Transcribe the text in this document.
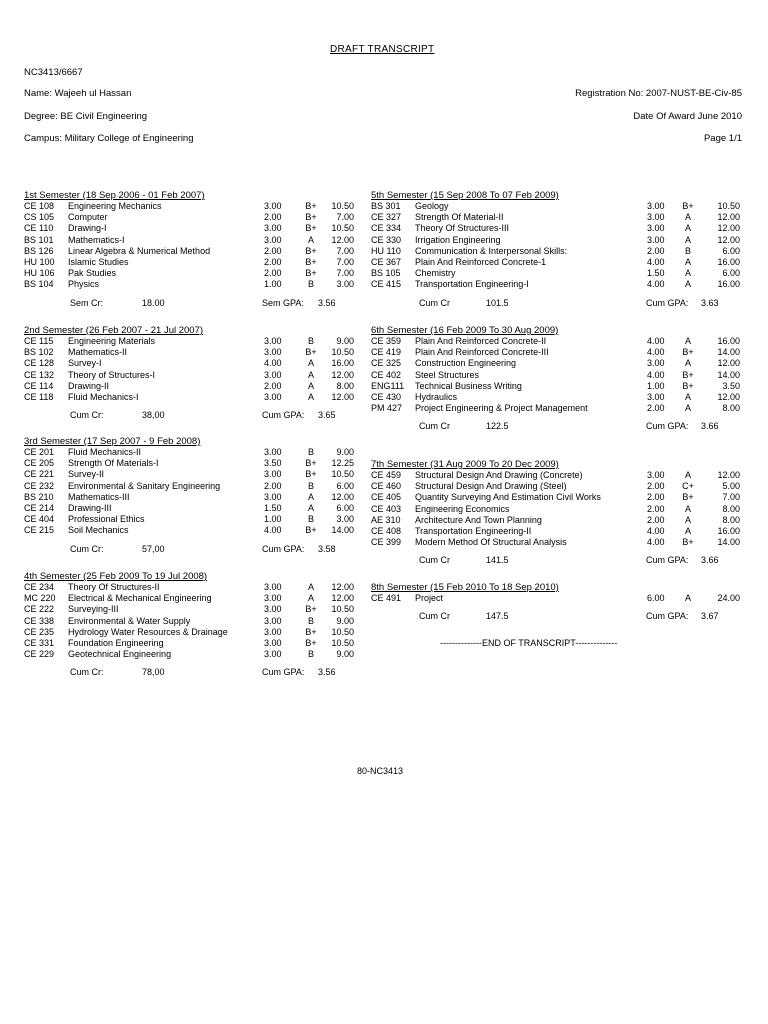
DRAFT TRANSCRIPT
NC3413/6667
Name: Wajeeh ul Hassan	Registration No: 2007-NUST-BE-Civ-85
Degree: BE Civil Engineering	Date Of Award June 2010
Campus: Military College of Engineering	Page 1/1
1st Semester (18 Sep 2006 - 01 Feb 2007)
CE 108 Engineering Mechanics	3.00	B+	10.50
CS 105 Computer	2.00	B+	7.00
CE 110 Drawing-I	3.00	B+	10.50
BS 101 Mathematics-I	3.00	A	12.00
BS 126 Linear Algebra & Numerical Method	2.00	B+	7.00
HU 100 Islamic Studies	2.00	B+	7.00
HU 106 Pak Studies	2.00	B+	7.00
BS 104 Physics	1.00	B	3.00
Sem Cr:	18.00	Sem GPA: 3.56
2nd Semester (26 Feb 2007 - 21 Jul 2007)
CE 115 Engineering Materials	3.00	B	9.00
BS 102 Mathematics-II	3.00	B+	10.50
CE 128 Survey-I	4.00	A	16.00
CE 132 Theory of Structures-I	3.00	A	12.00
CE 114 Drawing-II	2.00	A	8.00
CE 118 Fluid Mechanics-I	3.00	A	12.00
Cum Cr:	38,00	Cum GPA: 3.65
3rd Semester (17 Sep 2007 - 9 Feb 2008)
CE 201 Fluid Mechanics-II	3.00	B	9.00
CE 205 Strength Of Materials-I	3.50	B+	12.25
CE 221 Survey-II	3.00	B+	10.50
CE 232 Environmental & Sanitary Engineering	2.00	B	6.00
BS 210 Mathematics-III	3.00	A	12.00
CE 214 Drawing-III	1.50	A	6.00
CE 404 Professional Ethics	1.00	B	3.00
CE 215 Soil Mechanics	4.00	B+	14.00
Cum Cr:	57,00	Cum GPA: 3.58
4th Semester (25 Feb 2009 To 19 Jul 2008)
CE 234 Theory Of Structures-II	3.00	A	12.00
MC 220 Electrical & Mechanical Engineering	3.00	A	12.00
CE 222 Surveying-III	3.00	B+	10.50
CE 338 Environmental & Water Supply	3.00	B	9.00
CE 235 Hydrology Water Resources & Drainage	3.00	B+	10.50
CE 331 Foundation Engineering	3.00	B+	10.50
CE 229 Geotechnical Engineering	3.00	B	9.00
Cum Cr:	78,00	Cum GPA: 3.56
5th Semester (15 Sep 2008 To 07 Feb 2009)
BS 301 Geology	3.00	B+	10.50
CE 327 Strength Of Material-II	3.00	A	12.00
CE 334 Theory Of Structures-III	3.00	A	12.00
CE 330 Irrigation Engineering	3.00	A	12.00
HU 110 Communication & Interpersonal Skills:	2.00	B	6.00
CE 367 Plain And Reinforced Concrete-1	4.00	A	16.00
BS 105 Chemistry	1.50	A	6.00
CE 415 Transportation Engineering-I	4.00	A	16.00
Cum Cr	101.5	Cum GPA: 3.63
6th Semester (16 Feb 2009 To 30 Aug 2009)
CE 359 Plain And Reinforced Concrete-II	4.00	A	16.00
CE 419 Plain And Reinforced Concrete-III	4.00	B+	14.00
CE 325 Construction Engineering	3.00	A	12.00
CE 402 Steel Structures	4.00	B+	14.00
ENG111 Technical Business Writing	1.00	B+	3.50
CE 430 Hydraulics	3.00	A	12.00
PM 427 Project Engineering & Project Management	2.00	A	8.00
Cum Cr	122.5	Cum GPA: 3.66
7th Semester (31 Aug 2009 To 20 Dec 2009)
CE 459 Structural Design And Drawing (Concrete)	3.00	A	12.00
CE 460 Structural Design And Drawing (Steel)	2.00	C+	5.00
CE 405 Quantity Surveying And Estimation Civil Works	2.00	B+	7.00
CE 403 Engineering Economics	2.00	A	8.00
AE 310 Architecture And Town Planning	2.00	A	8.00
CE 408 Transportation Engineering-II	4.00	A	16.00
CE 399 Modern Method Of Structural Analysis	4.00	B+	14.00
Cum Cr	141.5	Cum GPA: 3.66
8th Semester (15 Feb 2010 To 18 Sep 2010)
CE 491 Project	6.00	A	24.00
Cum Cr	147.5	Cum GPA: 3.67
--------------END OF TRANSCRIPT--------------
80-NC3413
